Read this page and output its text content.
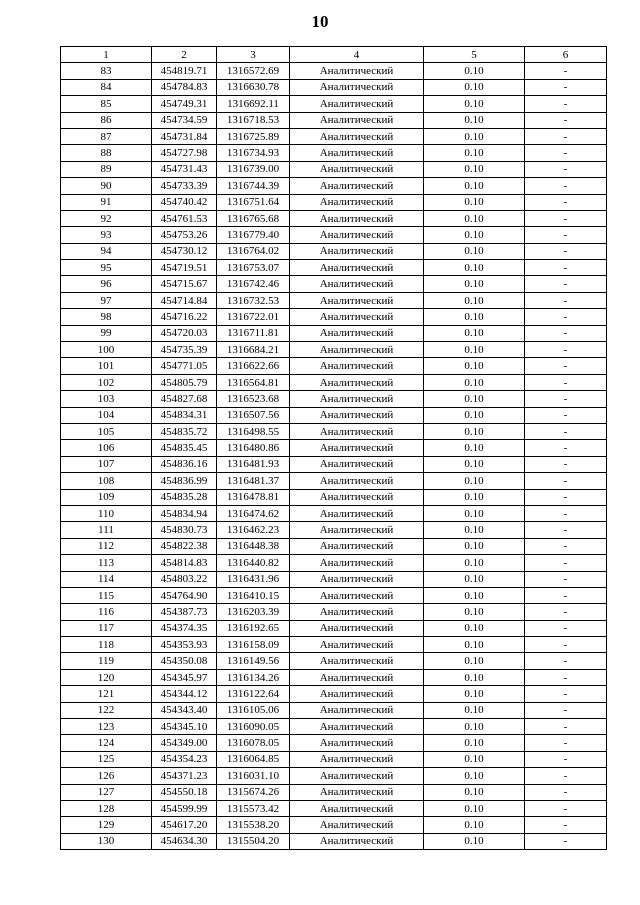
10
1	2	3	4	5	6
83	454819.71	1316572.69	Аналитический	0.10	-
84	454784.83	1316630.78	Аналитический	0.10	-
85	454749.31	1316692.11	Аналитический	0.10	-
86	454734.59	1316718.53	Аналитический	0.10	-
87	454731.84	1316725.89	Аналитический	0.10	-
88	454727.98	1316734.93	Аналитический	0.10	-
89	454731.43	1316739.00	Аналитический	0.10	-
90	454733.39	1316744.39	Аналитический	0.10	-
91	454740.42	1316751.64	Аналитический	0.10	-
92	454761.53	1316765.68	Аналитический	0.10	-
93	454753.26	1316779.40	Аналитический	0.10	-
94	454730.12	1316764.02	Аналитический	0.10	-
95	454719.51	1316753.07	Аналитический	0.10	-
96	454715.67	1316742.46	Аналитический	0.10	-
97	454714.84	1316732.53	Аналитический	0.10	-
98	454716.22	1316722.01	Аналитический	0.10	-
99	454720.03	1316711.81	Аналитический	0.10	-
100	454735.39	1316684.21	Аналитический	0.10	-
101	454771.05	1316622.66	Аналитический	0.10	-
102	454805.79	1316564.81	Аналитический	0.10	-
103	454827.68	1316523.68	Аналитический	0.10	-
104	454834.31	1316507.56	Аналитический	0.10	-
105	454835.72	1316498.55	Аналитический	0.10	-
106	454835.45	1316480.86	Аналитический	0.10	-
107	454836.16	1316481.93	Аналитический	0.10	-
108	454836.99	1316481.37	Аналитический	0.10	-
109	454835.28	1316478.81	Аналитический	0.10	-
110	454834.94	1316474.62	Аналитический	0.10	-
111	454830.73	1316462.23	Аналитический	0.10	-
112	454822.38	1316448.38	Аналитический	0.10	-
113	454814.83	1316440.82	Аналитический	0.10	-
114	454803.22	1316431.96	Аналитический	0.10	-
115	454764.90	1316410.15	Аналитический	0.10	-
116	454387.73	1316203.39	Аналитический	0.10	-
117	454374.35	1316192.65	Аналитический	0.10	-
118	454353.93	1316158.09	Аналитический	0.10	-
119	454350.08	1316149.56	Аналитический	0.10	-
120	454345.97	1316134.26	Аналитический	0.10	-
121	454344.12	1316122.64	Аналитический	0.10	-
122	454343.40	1316105.06	Аналитический	0.10	-
123	454345.10	1316090.05	Аналитический	0.10	-
124	454349.00	1316078.05	Аналитический	0.10	-
125	454354.23	1316064.85	Аналитический	0.10	-
126	454371.23	1316031.10	Аналитический	0.10	-
127	454550.18	1315674.26	Аналитический	0.10	-
128	454599.99	1315573.42	Аналитический	0.10	-
129	454617.20	1315538.20	Аналитический	0.10	-
130	454634.30	1315504.20	Аналитический	0.10	-
